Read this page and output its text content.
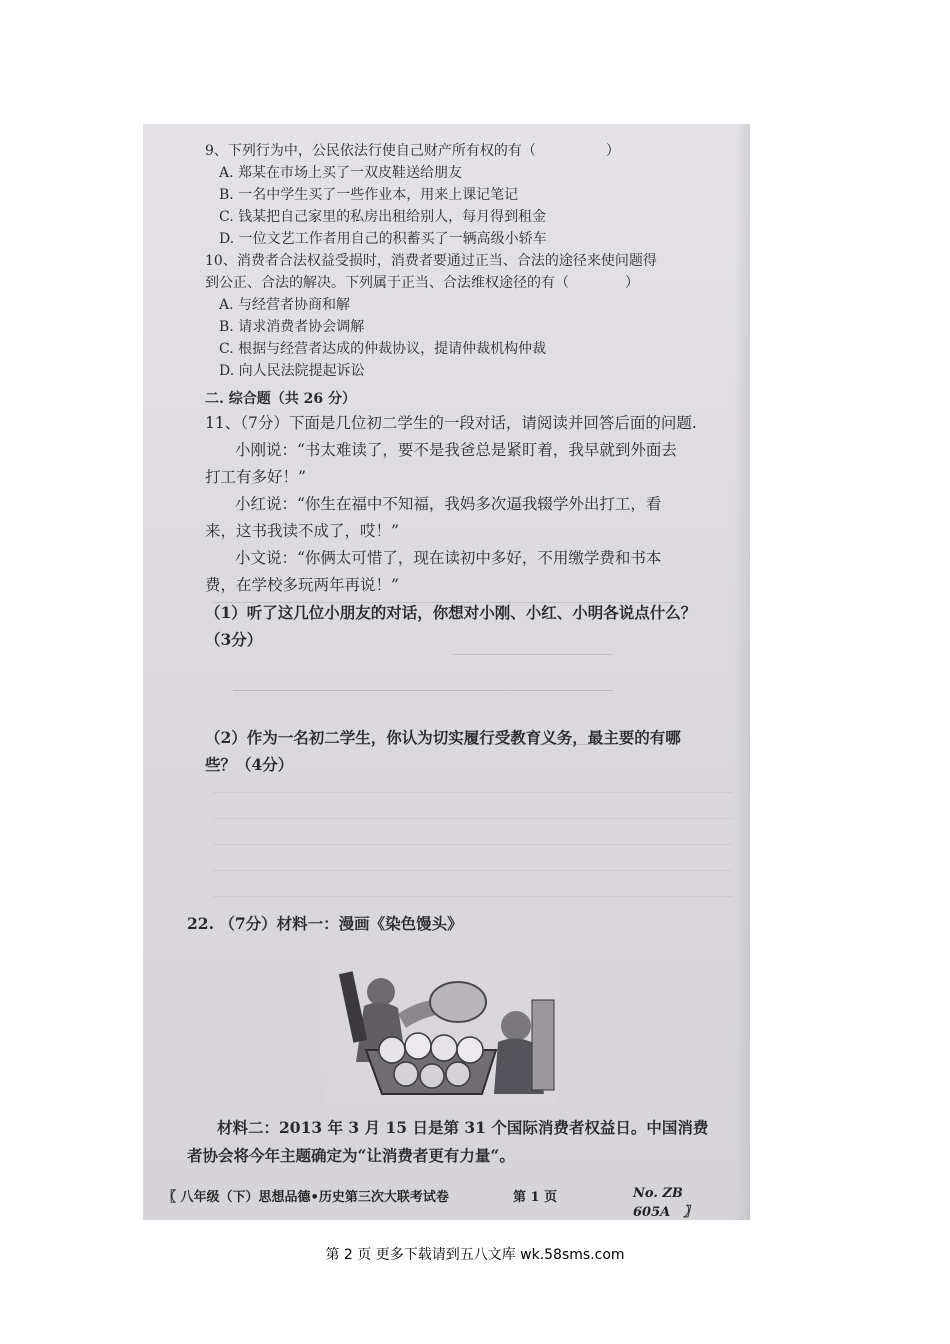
9、下列行为中，公民依法行使自己财产所有权的有（　　　　　）
A. 郑某在市场上买了一双皮鞋送给朋友
B. 一名中学生买了一些作业本，用来上课记笔记
C. 钱某把自己家里的私房出租给别人，每月得到租金
D. 一位文艺工作者用自己的积蓄买了一辆高级小轿车
10、消费者合法权益受损时，消费者要通过正当、合法的途径来使问题得
到公正、合法的解决。下列属于正当、合法维权途径的有（　　　　）
A. 与经营者协商和解
B. 请求消费者协会调解
C. 根据与经营者达成的仲裁协议，提请仲裁机构仲裁
D. 向人民法院提起诉讼
二. 综合题（共 26 分）
11、（7分）下面是几位初二学生的一段对话，请阅读并回答后面的问题.
小刚说：“书太难读了，要不是我爸总是紧盯着，我早就到外面去
打工有多好！”
小红说：“你生在福中不知福，我妈多次逼我辍学外出打工，看
来，这书我读不成了，哎！”
小文说：“你俩太可惜了，现在读初中多好，不用缴学费和书本
费，在学校多玩两年再说！”
（1）听了这几位小朋友的对话，你想对小刚、小红、小明各说点什么？
（3分）
（2）作为一名初二学生，你认为切实履行受教育义务，最主要的有哪
些？（4分）
22. （7分）材料一：漫画《染色馒头》
材料二：2013 年 3 月 15 日是第 31 个国际消费者权益日。中国消费
者协会将今年主题确定为“让消费者更有力量“。
〖 八年级（下）思想品德•历史第三次大联考试卷	第 1 页	No. ZB 605A　〗
第 2 页 更多下载请到五八文库 wk.58sms.com
